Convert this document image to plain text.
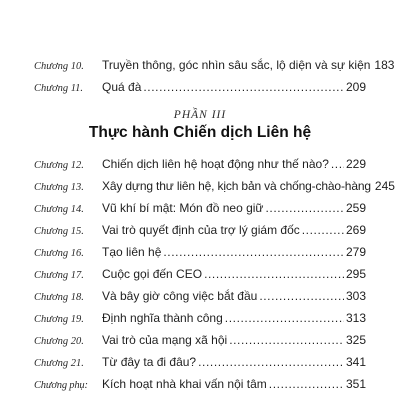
Chương 10.	Truyền thông, góc nhìn sâu sắc, lộ diện và sự kiện 183
Chương 11.	Quá đà .....	209
PHẦN III
Thực hành Chiến dịch Liên hệ
Chương 12.	Chiến dịch liên hệ hoạt động như thế nào? ..... 229
Chương 13.	Xây dựng thư liên hệ, kịch bản và chống-chào-hàng 245
Chương 14.	Vũ khí bí mật: Món đồ neo giữ .....	259
Chương 15.	Vai trò quyết định của trợ lý giám đốc .....	269
Chương 16.	Tạo liên hệ .....	279
Chương 17.	Cuộc gọi đến CEO .....	295
Chương 18.	Và bây giờ công việc bắt đầu .....	303
Chương 19.	Định nghĩa thành công .....	313
Chương 20.	Vai trò của mạng xã hội .....	325
Chương 21.	Từ đây ta đi đâu? .....	341
Chương phụ:	Kích hoạt nhà khai vấn nội tâm .....	351
